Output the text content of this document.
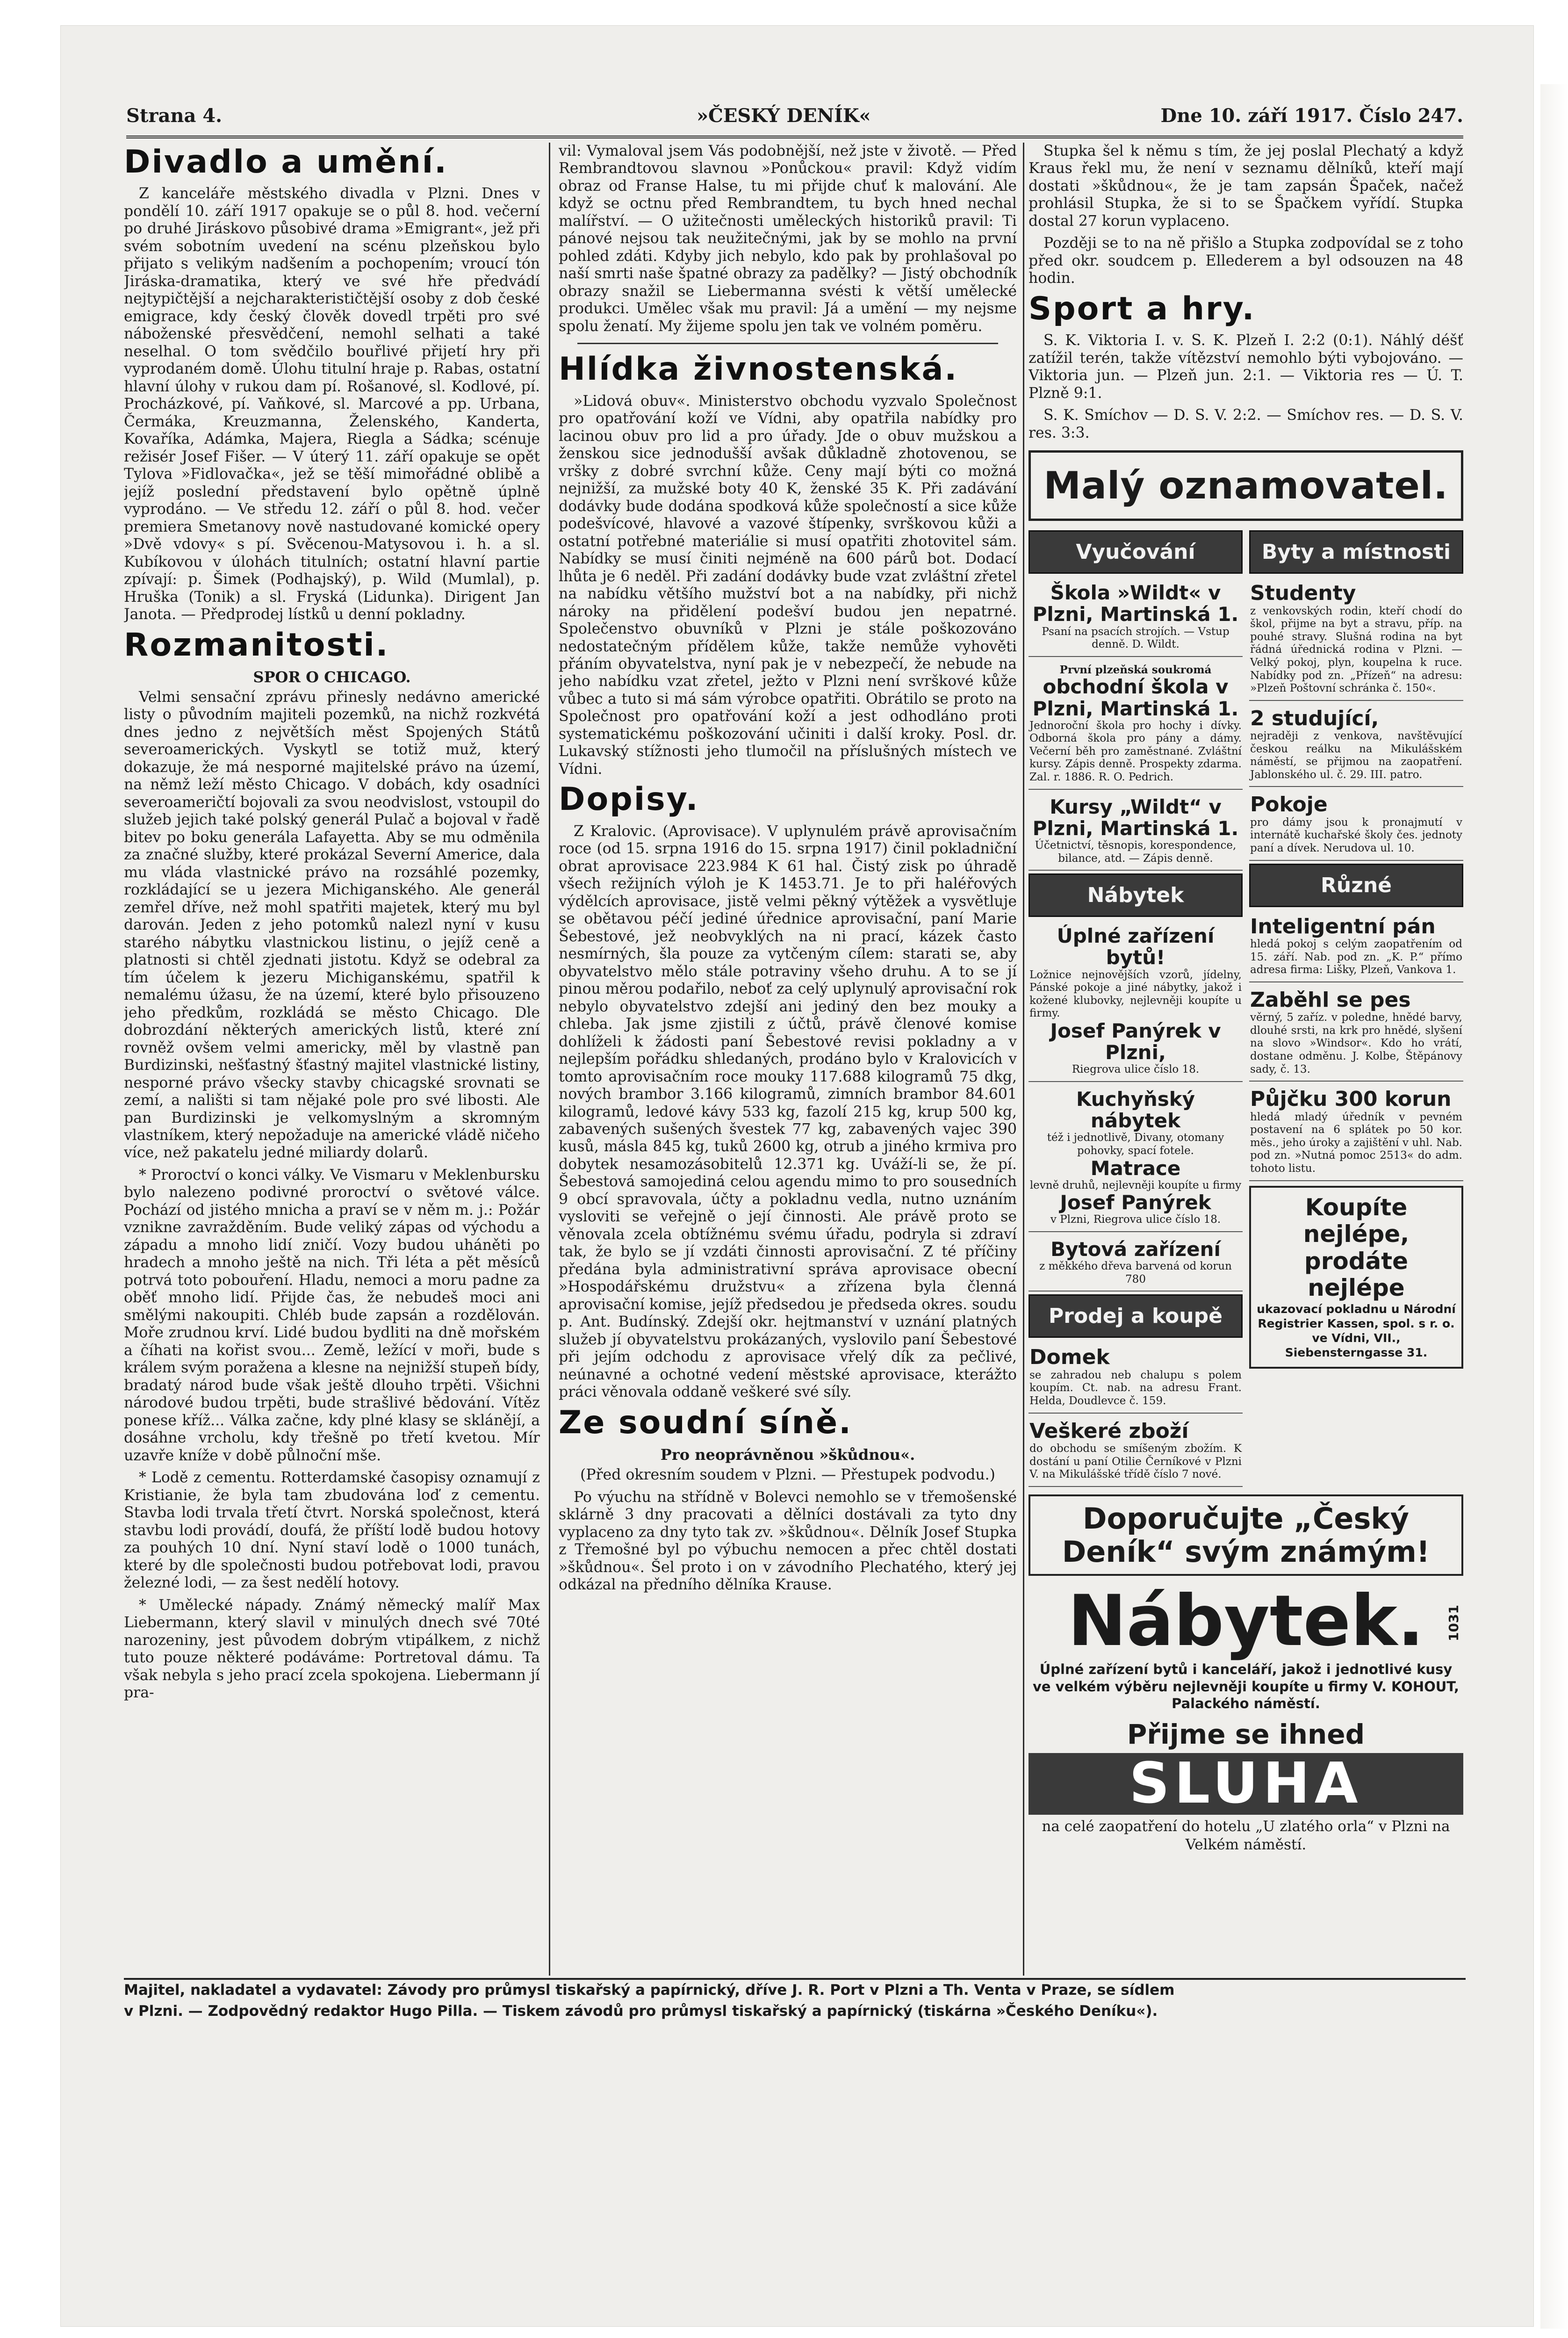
Strana 4.	»ČESKÝ DENÍK«	Dne 10. září 1917. Číslo 247.
Divadlo a umění.

Z kanceláře městského divadla v Plzni. Dnes v pondělí 10. září 1917 opakuje se o půl 8. hod. večerní po druhé Jiráskovo působivé drama »Emigrant«, jež při svém sobotním uvedení na scénu plzeňskou bylo přijato s velikým nadšením a pochopením; vroucí tón Jiráska-dramatika, který ve své hře předvádí nejtypičtější a nejcharakterističtější osoby z dob české emigrace, kdy český člověk dovedl trpěti pro své náboženské přesvědčení, nemohl selhati a také neselhal. O tom svědčilo bouřlivé přijetí hry při vyprodaném domě. Úlohu titulní hraje p. Rabas, ostatní hlavní úlohy v rukou dam pí. Rošanové, sl. Kodlové, pí. Procházkové, pí. Vaňkové, sl. Marcové a pp. Urbana, Čermáka, Kreuzmanna, Želenského, Kanderta, Kovaříka, Adámka, Majera, Riegla a Sádka; scénuje režisér Josef Fišer. — V úterý 11. září opakuje se opět Tylova »Fidlovačka«, jež se těší mimořádné oblibě a jejíž poslední představení bylo opětně úplně vyprodáno. — Ve středu 12. září o půl 8. hod. večer premiera Smetanovy nově nastudované komické opery »Dvě vdovy« s pí. Svěcenou-Matysovou i. h. a sl. Kubíkovou v úlohách titulních; ostatní hlavní partie zpívají: p. Šimek (Podhajský), p. Wild (Mumlal), p. Hruška (Tonik) a sl. Fryská (Lidunka). Dirigent Jan Janota. — Předprodej lístků u denní pokladny.

Rozmanitosti.
SPOR O CHICAGO.

Velmi sensační zprávu přinesly nedávno americké listy o původním majiteli pozemků, na nichž rozkvétá dnes jedno z největších měst Spojených Států severoamerických. Vyskytl se totiž muž, který dokazuje, že má nesporné majitelské právo na území, na němž leží město Chicago. V dobách, kdy osadníci severoameričtí bojovali za svou neodvislost, vstoupil do služeb jejich také polský generál Pulač a bojoval v řadě bitev po boku generála Lafayetta. Aby se mu odměnila za značné služby, které prokázal Severní Americe, dala mu vláda vlastnické právo na rozsáhlé pozemky, rozkládající se u jezera Michiganského. Ale generál zemřel dříve, než mohl spatřiti majetek, který mu byl darován. Jeden z jeho potomků nalezl nyní v kusu starého nábytku vlastnickou listinu, o jejíž ceně a platnosti si chtěl zjednati jistotu. Když se odebral za tím účelem k jezeru Michiganskému, spatřil k nemalému úžasu, že na území, které bylo přisouzeno jeho předkům, rozkládá se město Chicago. Dle dobrozdání některých amerických listů, které zní rovněž ovšem velmi americky, měl by vlastně pan Burdizinski, nešťastný šťastný majitel vlastnické listiny, nesporné právo všecky stavby chicagské srovnati se zemí, a nališti si tam nějaké pole pro své libosti. Ale pan Burdizinski je velkomyslným a skromným vlastníkem, který nepožaduje na americké vládě ničeho více, než pakatelu jedné miliardy dolarů.

* Proroctví o konci války. Ve Vismaru v Meklenbursku bylo nalezeno podivné proroctví o světové válce. Pochází od jistého mnicha a praví se v něm m. j.: Požár vznikne zavražděním. Bude veliký zápas od východu a západu a mnoho lidí zničí. Vozy budou uháněti po hradech a mnoho ještě na nich. Tři léta a pět měsíců potrvá toto pobouření. Hladu, nemoci a moru padne za oběť mnoho lidí. Přijde čas, že nebudeš moci ani smělými nakoupiti. Chléb bude zapsán a rozdělován. Moře zrudnou krví. Lidé budou bydliti na dně mořském a číhati na kořist svou... Země, ležící v moři, bude s králem svým poražena a klesne na nejnižší stupeň bídy, bradatý národ bude však ještě dlouho trpěti. Všichni národové budou trpěti, bude strašlivé bědování. Vítěz ponese kříž... Válka začne, kdy plné klasy se sklánějí, a dosáhne vrcholu, kdy třešně po třetí kvetou. Mír uzavře kníže v době půlnoční mše.

* Lodě z cementu. Rotterdamské časopisy oznamují z Kristianie, že byla tam zbudována loď z cementu. Stavba lodi trvala třetí čtvrt. Norská společnost, která stavbu lodi provádí, doufá, že příští lodě budou hotovy za pouhých 10 dní. Nyní staví lodě o 1000 tunách, které by dle společnosti budou potřebovat lodi, pravou železné lodi, — za šest nedělí hotovy.

* Umělecké nápady. Známý německý malíř Max Liebermann, který slavil v minulých dnech své 70té narozeniny, jest původem dobrým vtipálkem, z nichž tuto pouze některé podáváme: Portretoval dámu. Ta však nebyla s jeho prací zcela spokojena. Liebermann jí pra-

vil: Vymaloval jsem Vás podobnější, než jste v životě. — Před Rembrandtovou slavnou »Ponůckou« pravil: Když vidím obraz od Franse Halse, tu mi přijde chuť k malování. Ale když se octnu před Rembrandtem, tu bych hned nechal malířství. — O užitečnosti uměleckých historiků pravil: Ti pánové nejsou tak neužitečnými, jak by se mohlo na první pohled zdáti. Kdyby jich nebylo, kdo pak by prohlašoval po naší smrti naše špatné obrazy za padělky? — Jistý obchodník obrazy snažil se Liebermanna svésti k větší umělecké produkci. Umělec však mu pravil: Já a umění — my nejsme spolu ženatí. My žijeme spolu jen tak ve volném poměru.

Hlídka živnostenská.

»Lidová obuv«. Ministerstvo obchodu vyzvalo Společnost pro opatřování koží ve Vídni, aby opatřila nabídky pro lacinou obuv pro lid a pro úřady. Jde o obuv mužskou a ženskou sice jednodušší avšak důkladně zhotovenou, se vršky z dobré svrchní kůže. Ceny mají býti co možná nejnižší, za mužské boty 40 K, ženské 35 K. Při zadávání dodávky bude dodána spodková kůže společností a sice kůže podešvícové, hlavové a vazové štípenky, svrškovou kůži a ostatní potřebné materiálie si musí opatřiti zhotovitel sám. Nabídky se musí činiti nejméně na 600 párů bot. Dodací lhůta je 6 neděl. Při zadání dodávky bude vzat zvláštní zřetel na nabídku většího mužství bot a na nabídky, při nichž nároky na přidělení podešví budou jen nepatrné. Společenstvo obuvníků v Plzni je stále poškozováno nedostatečným přídělem kůže, takže nemůže vyhověti přáním obyvatelstva, nyní pak je v nebezpečí, že nebude na jeho nabídku vzat zřetel, ježto v Plzni není svrškové kůže vůbec a tuto si má sám výrobce opatřiti. Obrátilo se proto na Společnost pro opatřování koží a jest odhodláno proti systematickému poškozování učiniti i další kroky. Posl. dr. Lukavský stížnosti jeho tlumočil na příslušných místech ve Vídni.

Dopisy.

Z Kralovic. (Aprovisace). V uplynulém právě aprovisačním roce (od 15. srpna 1916 do 15. srpna 1917) činil pokladniční obrat aprovisace 223.984 K 61 hal. Čistý zisk po úhradě všech režijních výloh je K 1453.71. Je to při haléřových výdělcích aprovisace, jistě velmi pěkný výtěžek a vysvětluje se obětavou péčí jediné úřednice aprovisační, paní Marie Šebestové, jež neobvyklých na ni prací, kázek často nesmírných, šla pouze za vytčeným cílem: starati se, aby obyvatelstvo mělo stále potraviny všeho druhu. A to se jí pinou měrou podařilo, neboť za celý uplynulý aprovisační rok nebylo obyvatelstvo zdejší ani jediný den bez mouky a chleba. Jak jsme zjistili z účtů, právě členové komise dohlíželi k žádosti paní Šebestové revisi pokladny a v nejlepším pořádku shledaných, prodáno bylo v Kralovicích v tomto aprovisačním roce mouky 117.688 kilogramů 75 dkg, nových brambor 3.166 kilogramů, zimních brambor 84.601 kilogramů, ledové kávy 533 kg, fazolí 215 kg, krup 500 kg, zabavených sušených švestek 77 kg, zabavených vajec 390 kusů, másla 845 kg, tuků 2600 kg, otrub a jiného krmiva pro dobytek nesamozásobitelů 12.371 kg. Uváží-li se, že pí. Šebestová samojediná celou agendu mimo to pro sousedních 9 obcí spravovala, účty a pokladnu vedla, nutno uznáním vysloviti se veřejně o její činnosti. Ale právě proto se věnovala zcela obtížnému svému úřadu, podryla si zdraví tak, že bylo se jí vzdáti činnosti aprovisační. Z té příčiny předána byla administrativní správa aprovisace obecní »Hospodářskému družstvu« a zřízena byla členná aprovisační komise, jejíž předsedou je předseda okres. soudu p. Ant. Budínský. Zdejší okr. hejtmanství v uznání platných služeb jí obyvatelstvu prokázaných, vyslovilo paní Šebestové při jejím odchodu z aprovisace vřelý dík za pečlivé, neúnavné a ochotné vedení městské aprovisace, kterážto práci věnovala oddaně veškeré své síly.

Ze soudní síně.
Pro neoprávněnou »škůdnou«.

(Před okresním soudem v Plzni. — Přestupek podvodu.)

Po výuchu na střídně v Bolevci nemohlo se v třemošenské sklárně 3 dny pracovati a dělníci dostávali za tyto dny vyplaceno za dny tyto tak zv. »škůdnou«. Dělník Josef Stupka z Třemošné byl po výbuchu nemocen a přec chtěl dostati »škůdnou«. Šel proto i on v závodního Plechatého, který jej odkázal na předního dělníka Krause.

Stupka šel k němu s tím, že jej poslal Plechatý a když Kraus řekl mu, že není v seznamu dělníků, kteří mají dostati »škůdnou«, že je tam zapsán Špaček, načež prohlásil Stupka, že si to se Špačkem vyřídí. Stupka dostal 27 korun vyplaceno.

Později se to na ně přišlo a Stupka zodpovídal se z toho před okr. soudcem p. Ellederem a byl odsouzen na 48 hodin.

Sport a hry.

S. K. Viktoria I. v. S. K. Plzeň I. 2:2 (0:1). Náhlý déšť zatížil terén, takže vítězství nemohlo býti vybojováno. — Viktoria jun. — Plzeň jun. 2:1. — Viktoria res — Ú. T. Plzně 9:1.

S. K. Smíchov — D. S. V. 2:2. — Smíchov res. — D. S. V. res. 3:3.

Malý oznamovatel.
Vyučování
Škola »Wildt« v Plzni, Martinská 1.
Psaní na psacích strojích. — Vstup denně. D. Wildt.
První plzeňská soukromá
obchodní škola v Plzni, Martinská 1.
Jednoroční škola pro hochy i dívky. Odborná škola pro pány a dámy. Večerní běh pro zaměstnané. Zvláštní kursy. Zápis denně. Prospekty zdarma. Zal. r. 1886. R. O. Pedrich.
Kursy „Wildt“ v Plzni, Martinská 1.
Účetnictví, těsnopis, korespondence, bilance, atd. — Zápis denně.
Nábytek
Úplné zařízení bytů!
Ložnice nejnovějších vzorů, jídelny, Pánské pokoje a jiné nábytky, jakož i kožené klubovky, nejlevněji koupíte u firmy.
Josef Panýrek v Plzni,
Riegrova ulice číslo 18.
Kuchyňský nábytek
též i jednotlivě, Divany, otomany pohovky, spací fotele.
Matrace
levně druhů, nejlevněji koupíte u firmy
Josef Panýrek
v Plzni, Riegrova ulice číslo 18.
Bytová zařízení
z měkkého dřeva barvená od korun 780
Prodej a koupě
Domek
se zahradou neb chalupu s polem koupím. Ct. nab. na adresu Frant. Helda, Doudlevce č. 159.
Veškeré zboží
do obchodu se smíšeným zbožím. K dostání u paní Otilie Černíkové v Plzni V. na Mikulášské třídě číslo 7 nové.
Byty a místnosti
Studenty
z venkovských rodin, kteří chodí do škol, přijme na byt a stravu, příp. na pouhé stravy. Slušná rodina na byt řádná úřednická rodina v Plzni. — Velký pokoj, plyn, koupelna k ruce. Nabídky pod zn. „Přízeň“ na adresu: »Plzeň Poštovní schránka č. 150«.
2 studující,
nejraději z venkova, navštěvující českou reálku na Mikulášském náměstí, se přijmou na zaopatření. Jablonského ul. č. 29. III. patro.
Pokoje
pro dámy jsou k pronajmutí v internátě kuchařské školy čes. jednoty paní a dívek. Nerudova ul. 10.
Různé
Inteligentní pán
hledá pokoj s celým zaopatřením od 15. září. Nab. pod zn. „K. P.“ přímo adresa firma: Lišky, Plzeň, Vankova 1.
Zaběhl se pes
věrný, 5 zaříz. v poledne, hnědé barvy, dlouhé srsti, na krk pro hnědé, slyšení na slovo »Windsor«. Kdo ho vrátí, dostane odměnu. J. Kolbe, Štěpánovy sady, č. 13.
Půjčku 300 korun
hledá mladý úředník v pevném postavení na 6 splátek po 50 kor. měs., jeho úroky a zajištění v uhl. Nab. pod zn. »Nutná pomoc 2513« do adm. tohoto listu.
Koupíte nejlépe, prodáte nejlépe
ukazovací pokladnu u Národní Registrier Kassen, spol. s r. o. ve Vídni, VII., Siebensterngasse 31.
Doporučujte „Český Deník“ svým známým!
Nábytek. 1031
Úplné zařízení bytů i kanceláří, jakož i jednotlivé kusy ve velkém výběru nejlevněji koupíte u firmy V. KOHOUT, Palackého náměstí.
Přijme se ihned
SLUHA
na celé zaopatření do hotelu „U zlatého orla“ v Plzni na Velkém náměstí.
Majitel, nakladatel a vydavatel: Závody pro průmysl tiskařský a papírnický, dříve J. R. Port v Plzni a Th. Venta v Praze, se sídlem
v Plzni. — Zodpovědný redaktor Hugo Pilla. — Tiskem závodů pro průmysl tiskařský a papírnický (tiskárna »Českého Deníku«).
